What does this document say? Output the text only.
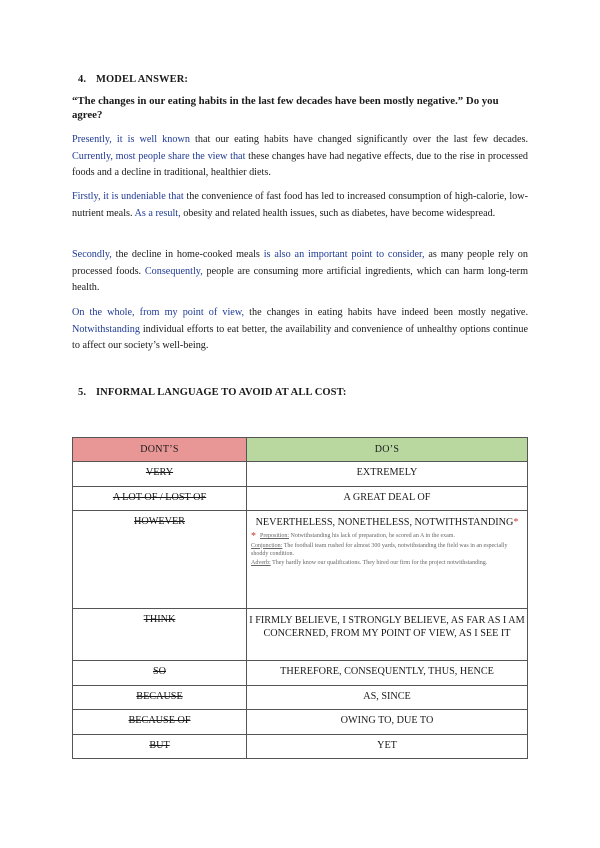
4. MODEL ANSWER:
“The changes in our eating habits in the last few decades have been mostly negative.” Do you agree?

Presently, it is well known that our eating habits have changed significantly over the last few decades. Currently, most people share the view that these changes have had negative effects, due to the rise in processed foods and a decline in traditional, healthier diets.

Firstly, it is undeniable that the convenience of fast food has led to increased consumption of high-calorie, low-nutrient meals. As a result, obesity and related health issues, such as diabetes, have become widespread.

Secondly, the decline in home-cooked meals is also an important point to consider, as many people rely on processed foods. Consequently, people are consuming more artificial ingredients, which can harm long-term health.

On the whole, from my point of view, the changes in eating habits have indeed been mostly negative. Notwithstanding individual efforts to eat better, the availability and convenience of unhealthy options continue to affect our society’s well-being.

5. INFORMAL LANGUAGE TO AVOID AT ALL COST:
DONT’S	DO’S
VERY	EXTREMELY
A LOT OF / LOST OF	A GREAT DEAL OF
HOWEVER	NEVERTHELESS, NONETHELESS, NOTWITHSTANDING*
* Preposition: Notwithstanding his lack of preparation, he scored an A in the exam.
Conjunction: The football team rushed for almost 300 yards, notwithstanding the field was in an especially shoddy condition.
Adverb: They hardly know our qualifications. They hired our firm for the project notwithstanding.

THINK	I FIRMLY BELIEVE, I STRONGLY BELIEVE, AS FAR AS I AM CONCERNED, FROM MY POINT OF VIEW, AS I SEE IT
SO	THEREFORE, CONSEQUENTLY, THUS, HENCE
BECAUSE	AS, SINCE
BECAUSE OF	OWING TO, DUE TO
BUT	YET
